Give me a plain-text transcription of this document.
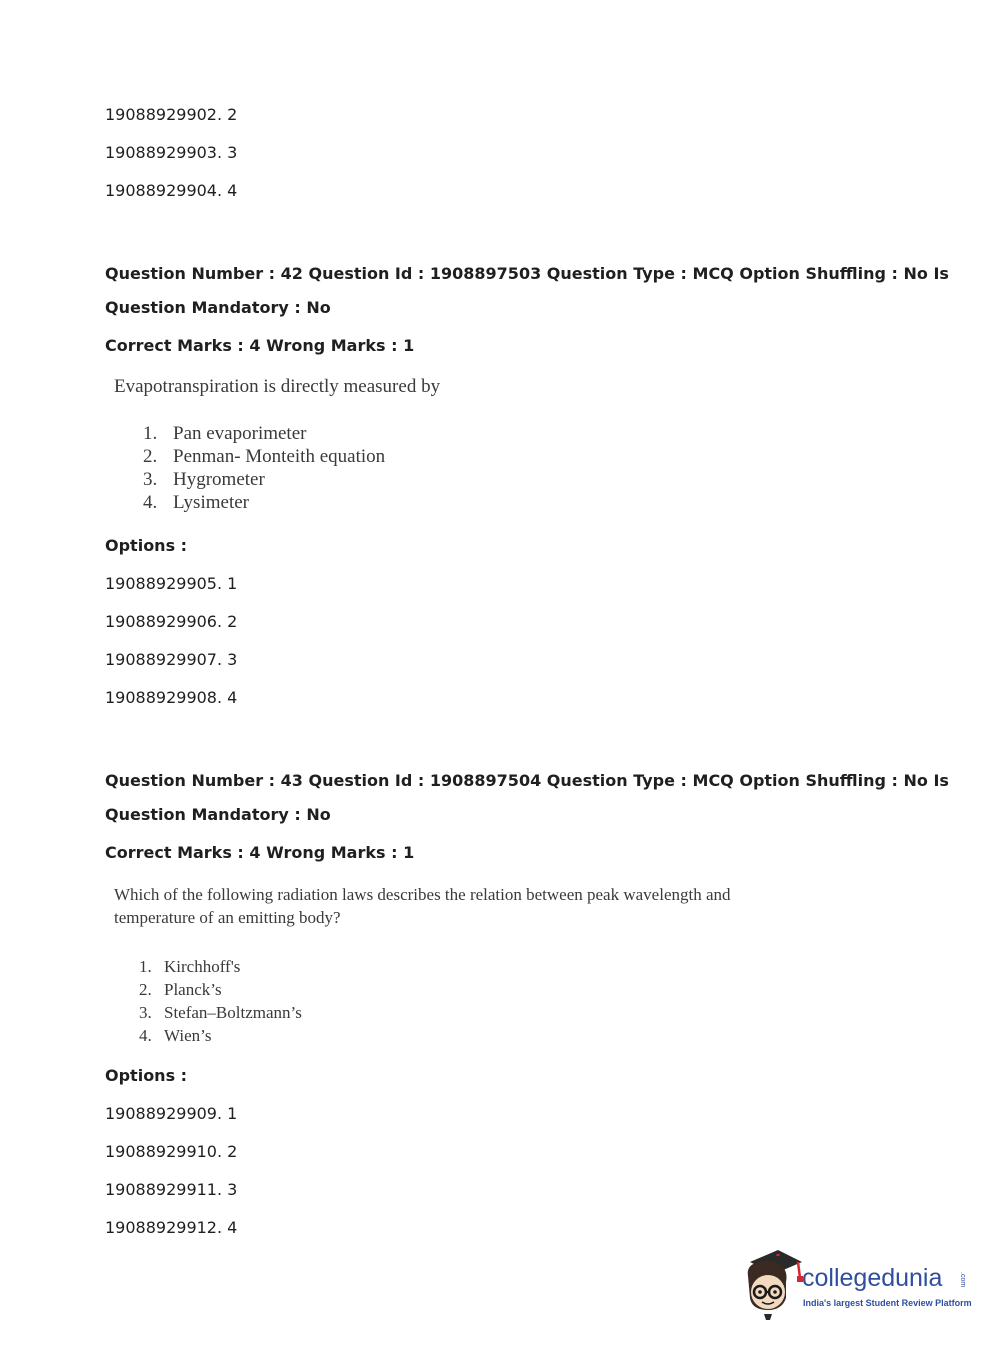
19088929902. 2
19088929903. 3
19088929904. 4
Question Number : 42 Question Id : 1908897503 Question Type : MCQ Option Shuffling : No Is
Question Mandatory : No
Correct Marks : 4 Wrong Marks : 1
Evapotranspiration is directly measured by
1. Pan evaporimeter
2. Penman- Monteith equation
3. Hygrometer
4. Lysimeter
Options :
19088929905. 1
19088929906. 2
19088929907. 3
19088929908. 4
Question Number : 43 Question Id : 1908897504 Question Type : MCQ Option Shuffling : No Is
Question Mandatory : No
Correct Marks : 4 Wrong Marks : 1
Which of the following radiation laws describes the relation between peak wavelength and
temperature of an emitting body?
1. Kirchhoff's
2. Planck’s
3. Stefan–Boltzmann’s
4. Wien’s
Options :
19088929909. 1
19088929910. 2
19088929911. 3
19088929912. 4
collegedunia .com
India's largest Student Review Platform
